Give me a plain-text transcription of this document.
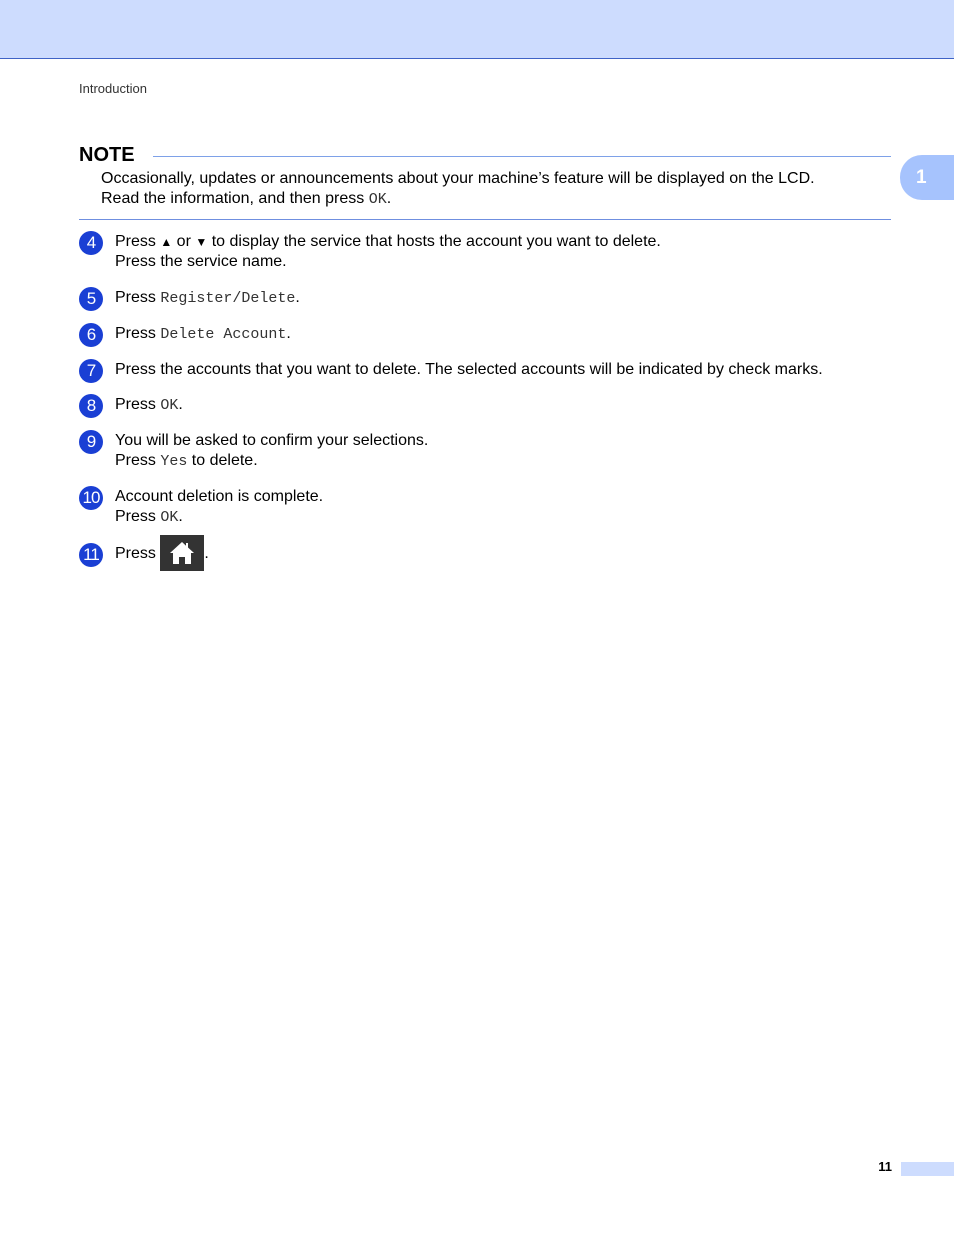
Introduction
1
NOTE
Occasionally, updates or announcements about your machine’s feature will be displayed on the LCD.
Read the information, and then press OK.
4	Press ▲ or ▼ to display the service that hosts the account you want to delete.
Press the service name.
5	Press Register/Delete.
6	Press Delete Account.
7	Press the accounts that you want to delete. The selected accounts will be indicated by check marks.
8	Press OK.
9	You will be asked to confirm your selections.
Press Yes to delete.
10 Account deletion is complete.
Press OK.
11 Press	.
11
